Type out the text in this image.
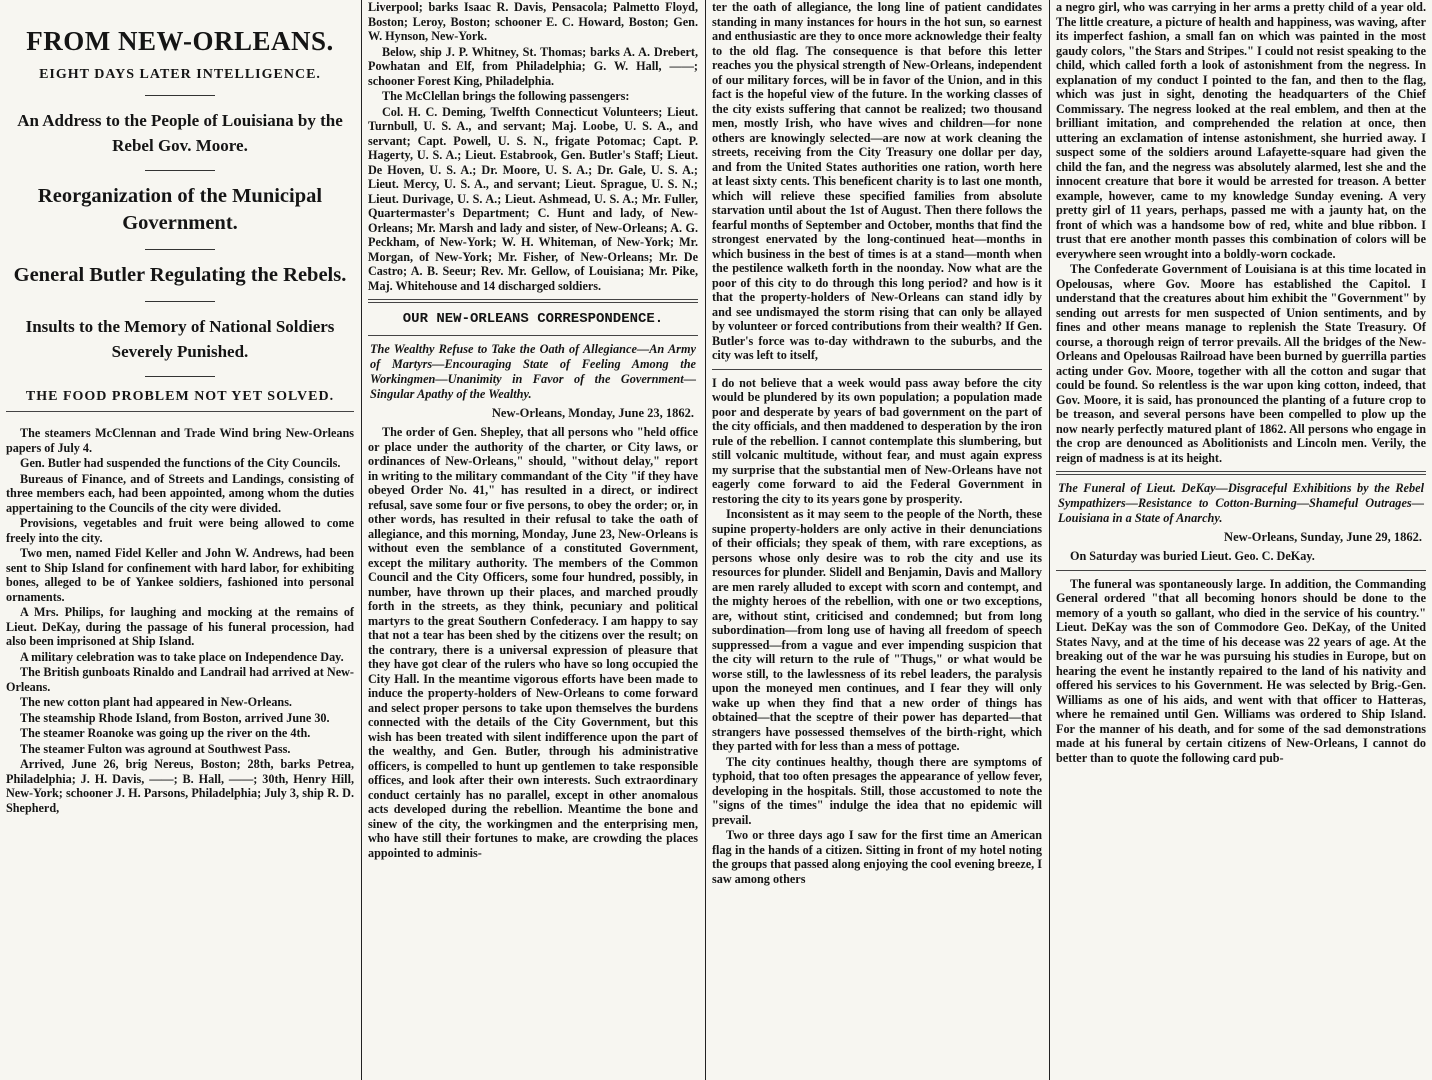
FROM NEW-ORLEANS.
EIGHT DAYS LATER INTELLIGENCE.
An Address to the People of Louisiana by the Rebel Gov. Moore.
Reorganization of the Municipal Government.
General Butler Regulating the Rebels.
Insults to the Memory of National Soldiers Severely Punished.
THE FOOD PROBLEM NOT YET SOLVED.

The steamers McClennan and Trade Wind bring New-Orleans papers of July 4.

Gen. Butler had suspended the functions of the City Councils.

Bureaus of Finance, and of Streets and Landings, consisting of three members each, had been appointed, among whom the duties appertaining to the Councils of the city were divided.

Provisions, vegetables and fruit were being allowed to come freely into the city.

Two men, named Fidel Keller and John W. Andrews, had been sent to Ship Island for confinement with hard labor, for exhibiting bones, alleged to be of Yankee soldiers, fashioned into personal ornaments.

A Mrs. Philips, for laughing and mocking at the remains of Lieut. DeKay, during the passage of his funeral procession, had also been imprisoned at Ship Island.

A military celebration was to take place on Independence Day.

The British gunboats Rinaldo and Landrail had arrived at New-Orleans.

The new cotton plant had appeared in New-Orleans.

The steamship Rhode Island, from Boston, arrived June 30.

The steamer Roanoke was going up the river on the 4th.

The steamer Fulton was aground at Southwest Pass.

Arrived, June 26, brig Nereus, Boston; 28th, barks Petrea, Philadelphia; J. H. Davis, ——; B. Hall, ——; 30th, Henry Hill, New-York; schooner J. H. Parsons, Philadelphia; July 3, ship R. D. Shepherd,

Liverpool; barks Isaac R. Davis, Pensacola; Palmetto Floyd, Boston; Leroy, Boston; schooner E. C. Howard, Boston; Gen. W. Hynson, New-York.

Below, ship J. P. Whitney, St. Thomas; barks A. A. Drebert, Powhatan and Elf, from Philadelphia; G. W. Hall, ——; schooner Forest King, Philadelphia.

The McClellan brings the following passengers:

Col. H. C. Deming, Twelfth Connecticut Volunteers; Lieut. Turnbull, U. S. A., and servant; Maj. Loobe, U. S. A., and servant; Capt. Powell, U. S. N., frigate Potomac; Capt. P. Hagerty, U. S. A.; Lieut. Estabrook, Gen. Butler's Staff; Lieut. De Hoven, U. S. A.; Dr. Moore, U. S. A.; Dr. Gale, U. S. A.; Lieut. Mercy, U. S. A., and servant; Lieut. Sprague, U. S. N.; Lieut. Durivage, U. S. A.; Lieut. Ashmead, U. S. A.; Mr. Fuller, Quartermaster's Department; C. Hunt and lady, of New-Orleans; Mr. Marsh and lady and sister, of New-Orleans; A. G. Peckham, of New-York; W. H. Whiteman, of New-York; Mr. Morgan, of New-York; Mr. Fisher, of New-Orleans; Mr. De Castro; A. B. Seeur; Rev. Mr. Gellow, of Louisiana; Mr. Pike, Maj. Whitehouse and 14 discharged soldiers.

OUR NEW-ORLEANS CORRESPONDENCE.
The Wealthy Refuse to Take the Oath of Allegiance—An Army of Martyrs—Encouraging State of Feeling Among the Workingmen—Unanimity in Favor of the Government—Singular Apathy of the Wealthy.
New-Orleans, Monday, June 23, 1862.

The order of Gen. Shepley, that all persons who "held office or place under the authority of the charter, or City laws, or ordinances of New-Orleans," should, "without delay," report in writing to the military commandant of the City "if they have obeyed Order No. 41," has resulted in a direct, or indirect refusal, save some four or five persons, to obey the order; or, in other words, has resulted in their refusal to take the oath of allegiance, and this morning, Monday, June 23, New-Orleans is without even the semblance of a constituted Government, except the military authority. The members of the Common Council and the City Officers, some four hundred, possibly, in number, have thrown up their places, and marched proudly forth in the streets, as they think, pecuniary and political martyrs to the great Southern Confederacy. I am happy to say that not a tear has been shed by the citizens over the result; on the contrary, there is a universal expression of pleasure that they have got clear of the rulers who have so long occupied the City Hall. In the meantime vigorous efforts have been made to induce the property-holders of New-Orleans to come forward and select proper persons to take upon themselves the burdens connected with the details of the City Government, but this wish has been treated with silent indifference upon the part of the wealthy, and Gen. Butler, through his administrative officers, is compelled to hunt up gentlemen to take responsible offices, and look after their own interests. Such extraordinary conduct certainly has no parallel, except in other anomalous acts developed during the rebellion. Meantime the bone and sinew of the city, the workingmen and the enterprising men, who have still their fortunes to make, are crowding the places appointed to adminis-

ter the oath of allegiance, the long line of patient candidates standing in many instances for hours in the hot sun, so earnest and enthusiastic are they to once more acknowledge their fealty to the old flag. The consequence is that before this letter reaches you the physical strength of New-Orleans, independent of our military forces, will be in favor of the Union, and in this fact is the hopeful view of the future. In the working classes of the city exists suffering that cannot be realized; two thousand men, mostly Irish, who have wives and children—for none others are knowingly selected—are now at work cleaning the streets, receiving from the City Treasury one dollar per day, and from the United States authorities one ration, worth here at least sixty cents. This beneficent charity is to last one month, which will relieve these specified families from absolute starvation until about the 1st of August. Then there follows the fearful months of September and October, months that find the strongest enervated by the long-continued heat—months in which business in the best of times is at a stand—month when the pestilence walketh forth in the noonday. Now what are the poor of this city to do through this long period? and how is it that the property-holders of New-Orleans can stand idly by and see undismayed the storm rising that can only be allayed by volunteer or forced contributions from their wealth? If Gen. Butler's force was to-day withdrawn to the suburbs, and the city was left to itself,

I do not believe that a week would pass away before the city would be plundered by its own population; a population made poor and desperate by years of bad government on the part of the city officials, and then maddened to desperation by the iron rule of the rebellion. I cannot contemplate this slumbering, but still volcanic multitude, without fear, and must again express my surprise that the substantial men of New-Orleans have not eagerly come forward to aid the Federal Government in restoring the city to its years gone by prosperity.

Inconsistent as it may seem to the people of the North, these supine property-holders are only active in their denunciations of their officials; they speak of them, with rare exceptions, as persons whose only desire was to rob the city and use its resources for plunder. Slidell and Benjamin, Davis and Mallory are men rarely alluded to except with scorn and contempt, and the mighty heroes of the rebellion, with one or two exceptions, are, without stint, criticised and condemned; but from long subordination—from long use of having all freedom of speech suppressed—from a vague and ever impending suspicion that the city will return to the rule of "Thugs," or what would be worse still, to the lawlessness of its rebel leaders, the paralysis upon the moneyed men continues, and I fear they will only wake up when they find that a new order of things has obtained—that the sceptre of their power has departed—that strangers have possessed themselves of the birth-right, which they parted with for less than a mess of pottage.

The city continues healthy, though there are symptoms of typhoid, that too often presages the appearance of yellow fever, developing in the hospitals. Still, those accustomed to note the "signs of the times" indulge the idea that no epidemic will prevail.

Two or three days ago I saw for the first time an American flag in the hands of a citizen. Sitting in front of my hotel noting the groups that passed along enjoying the cool evening breeze, I saw among others

a negro girl, who was carrying in her arms a pretty child of a year old. The little creature, a picture of health and happiness, was waving, after its imperfect fashion, a small fan on which was painted in the most gaudy colors, "the Stars and Stripes." I could not resist speaking to the child, which called forth a look of astonishment from the negress. In explanation of my conduct I pointed to the fan, and then to the flag, which was just in sight, denoting the headquarters of the Chief Commissary. The negress looked at the real emblem, and then at the brilliant imitation, and comprehended the relation at once, then uttering an exclamation of intense astonishment, she hurried away. I suspect some of the soldiers around Lafayette-square had given the child the fan, and the negress was absolutely alarmed, lest she and the innocent creature that bore it would be arrested for treason. A better example, however, came to my knowledge Sunday evening. A very pretty girl of 11 years, perhaps, passed me with a jaunty hat, on the front of which was a handsome bow of red, white and blue ribbon. I trust that ere another month passes this combination of colors will be everywhere seen wrought into a boldly-worn cockade.

The Confederate Government of Louisiana is at this time located in Opelousas, where Gov. Moore has established the Capitol. I understand that the creatures about him exhibit the "Government" by sending out arrests for men suspected of Union sentiments, and by fines and other means manage to replenish the State Treasury. Of course, a thorough reign of terror prevails. All the bridges of the New-Orleans and Opelousas Railroad have been burned by guerrilla parties acting under Gov. Moore, together with all the cotton and sugar that could be found. So relentless is the war upon king cotton, indeed, that Gov. Moore, it is said, has pronounced the planting of a future crop to be treason, and several persons have been compelled to plow up the now nearly perfectly matured plant of 1862. All persons who engage in the crop are denounced as Abolitionists and Lincoln men. Verily, the reign of madness is at its height.

The Funeral of Lieut. DeKay—Disgraceful Exhibitions by the Rebel Sympathizers—Resistance to Cotton-Burning—Shameful Outrages—Louisiana in a State of Anarchy.
New-Orleans, Sunday, June 29, 1862.

On Saturday was buried Lieut. Geo. C. DeKay.

The funeral was spontaneously large. In addition, the Commanding General ordered "that all becoming honors should be done to the memory of a youth so gallant, who died in the service of his country." Lieut. DeKay was the son of Commodore Geo. DeKay, of the United States Navy, and at the time of his decease was 22 years of age. At the breaking out of the war he was pursuing his studies in Europe, but on hearing the event he instantly repaired to the land of his nativity and offered his services to his Government. He was selected by Brig.-Gen. Williams as one of his aids, and went with that officer to Hatteras, where he remained until Gen. Williams was ordered to Ship Island. For the manner of his death, and for some of the sad demonstrations made at his funeral by certain citizens of New-Orleans, I cannot do better than to quote the following card pub-
